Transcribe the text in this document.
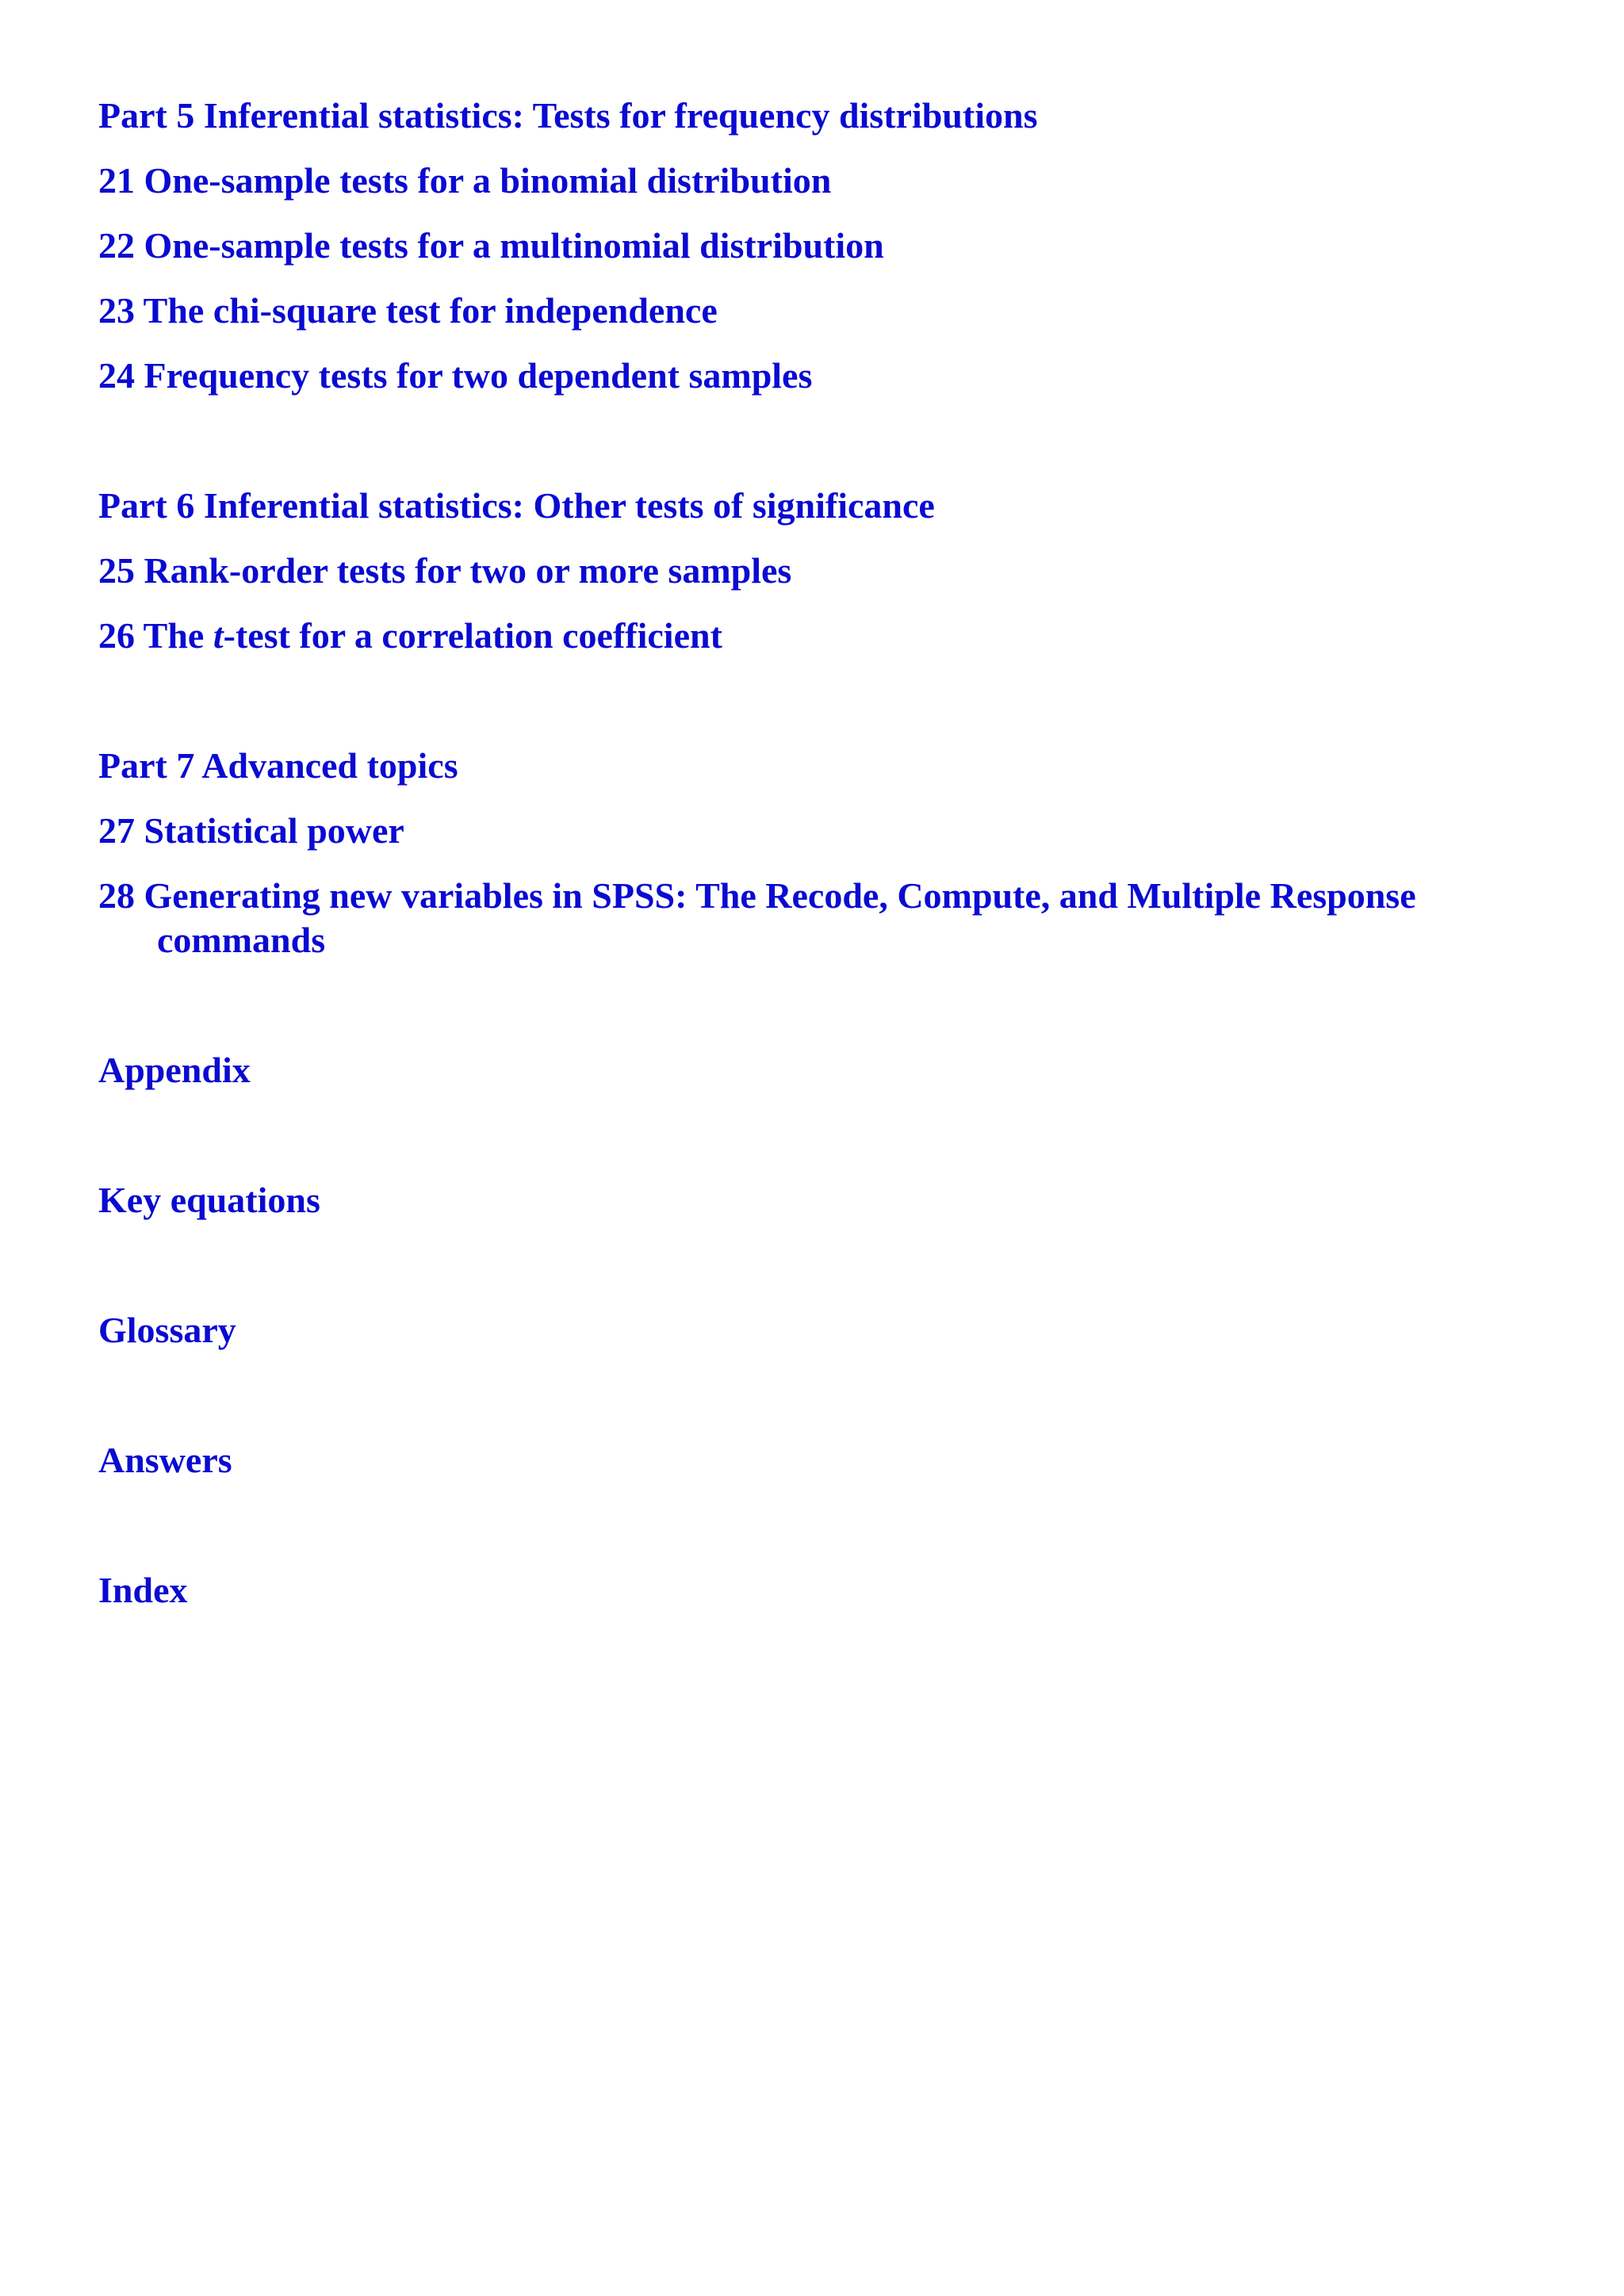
Part 5 Inferential statistics: Tests for frequency distributions
21 One-sample tests for a binomial distribution
22 One-sample tests for a multinomial distribution
23 The chi-square test for independence
24 Frequency tests for two dependent samples
Part 6 Inferential statistics: Other tests of significance
25 Rank-order tests for two or more samples
26 The t-test for a correlation coefficient
Part 7 Advanced topics
27 Statistical power
28 Generating new variables in SPSS: The Recode, Compute, and Multiple Response commands
Appendix
Key equations
Glossary
Answers
Index
